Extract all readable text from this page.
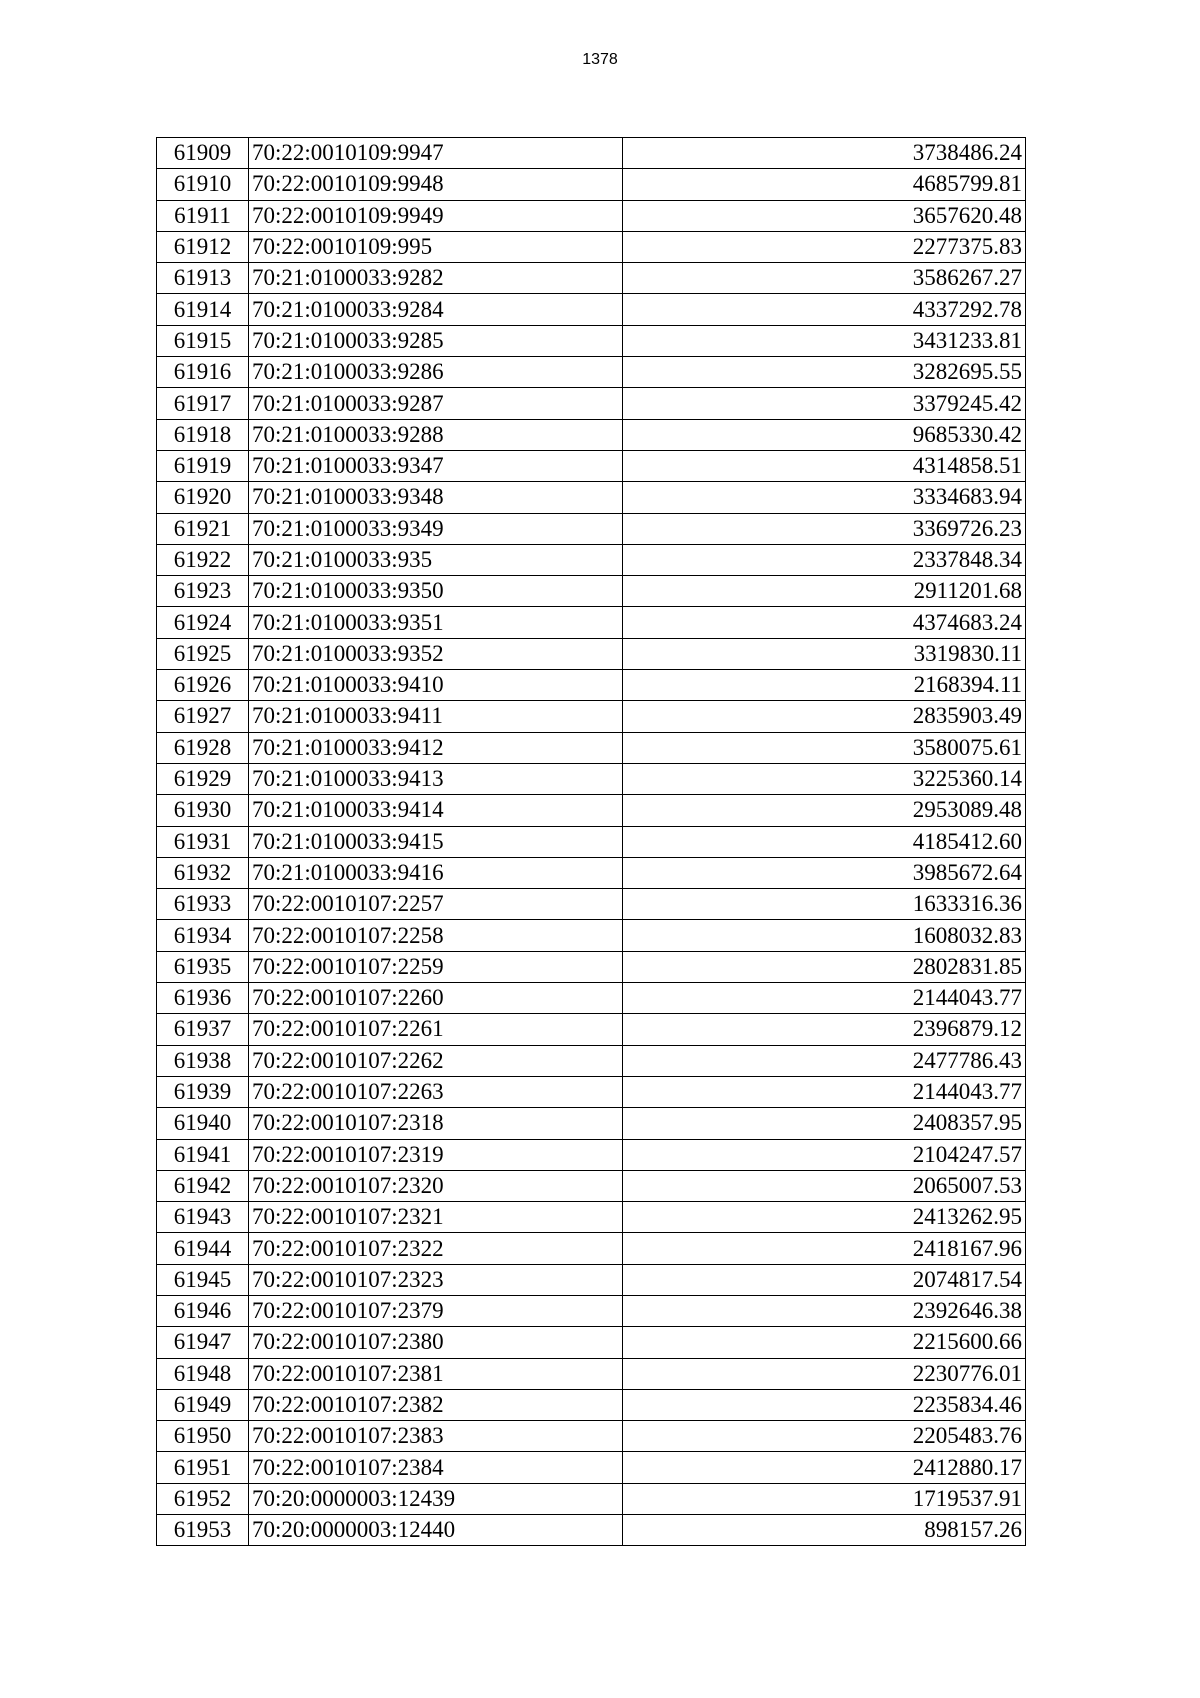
1378
61909	70:22:0010109:9947	3738486.24
61910	70:22:0010109:9948	4685799.81
61911	70:22:0010109:9949	3657620.48
61912	70:22:0010109:995	2277375.83
61913	70:21:0100033:9282	3586267.27
61914	70:21:0100033:9284	4337292.78
61915	70:21:0100033:9285	3431233.81
61916	70:21:0100033:9286	3282695.55
61917	70:21:0100033:9287	3379245.42
61918	70:21:0100033:9288	9685330.42
61919	70:21:0100033:9347	4314858.51
61920	70:21:0100033:9348	3334683.94
61921	70:21:0100033:9349	3369726.23
61922	70:21:0100033:935	2337848.34
61923	70:21:0100033:9350	2911201.68
61924	70:21:0100033:9351	4374683.24
61925	70:21:0100033:9352	3319830.11
61926	70:21:0100033:9410	2168394.11
61927	70:21:0100033:9411	2835903.49
61928	70:21:0100033:9412	3580075.61
61929	70:21:0100033:9413	3225360.14
61930	70:21:0100033:9414	2953089.48
61931	70:21:0100033:9415	4185412.60
61932	70:21:0100033:9416	3985672.64
61933	70:22:0010107:2257	1633316.36
61934	70:22:0010107:2258	1608032.83
61935	70:22:0010107:2259	2802831.85
61936	70:22:0010107:2260	2144043.77
61937	70:22:0010107:2261	2396879.12
61938	70:22:0010107:2262	2477786.43
61939	70:22:0010107:2263	2144043.77
61940	70:22:0010107:2318	2408357.95
61941	70:22:0010107:2319	2104247.57
61942	70:22:0010107:2320	2065007.53
61943	70:22:0010107:2321	2413262.95
61944	70:22:0010107:2322	2418167.96
61945	70:22:0010107:2323	2074817.54
61946	70:22:0010107:2379	2392646.38
61947	70:22:0010107:2380	2215600.66
61948	70:22:0010107:2381	2230776.01
61949	70:22:0010107:2382	2235834.46
61950	70:22:0010107:2383	2205483.76
61951	70:22:0010107:2384	2412880.17
61952	70:20:0000003:12439	1719537.91
61953	70:20:0000003:12440	898157.26
